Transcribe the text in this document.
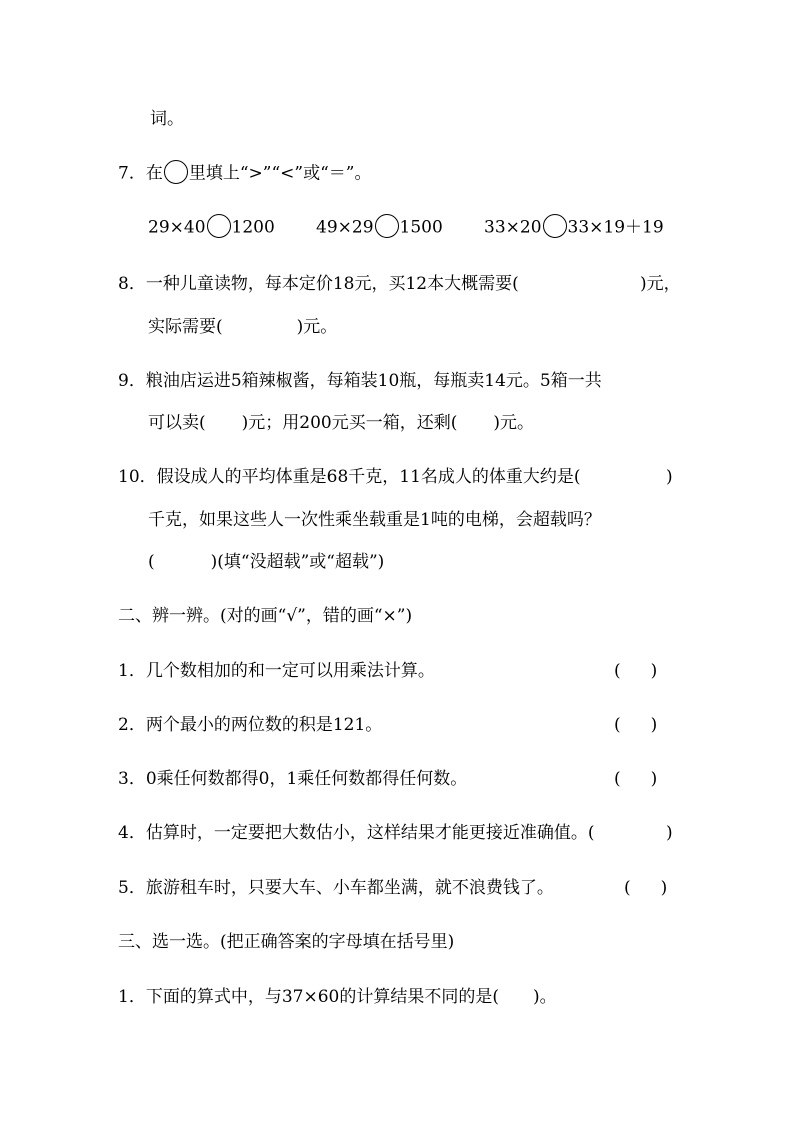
词。
7．在 里填上“>”“<”或“＝”。
29×40 1200 49×29 1500 33×20 33×19＋19
8．一种儿童读物，每本定价18元，买12本大概需要(	)元，
实际需要(	)元。
9．粮油店运进5箱辣椒酱，每箱装10瓶，每瓶卖14元。5箱一共
可以卖( )元；用200元买一箱，还剩( )元。
10．假设成人的平均体重是68千克，11名成人的体重大约是(	)
千克，如果这些人一次性乘坐载重是1吨的电梯，会超载吗？
(	)(填“没超载”或“超载”)
二、辨一辨。(对的画“√”，错的画“×”)
1．几个数相加的和一定可以用乘法计算。	( )
2．两个最小的两位数的积是121。	( )
3．0乘任何数都得0，1乘任何数都得任何数。	( )
4．估算时，一定要把大数估小，这样结果才能更接近准确值。(	)
5．旅游租车时，只要大车、小车都坐满，就不浪费钱了。	( )
三、选一选。(把正确答案的字母填在括号里)
1．下面的算式中，与37×60的计算结果不同的是( )。
